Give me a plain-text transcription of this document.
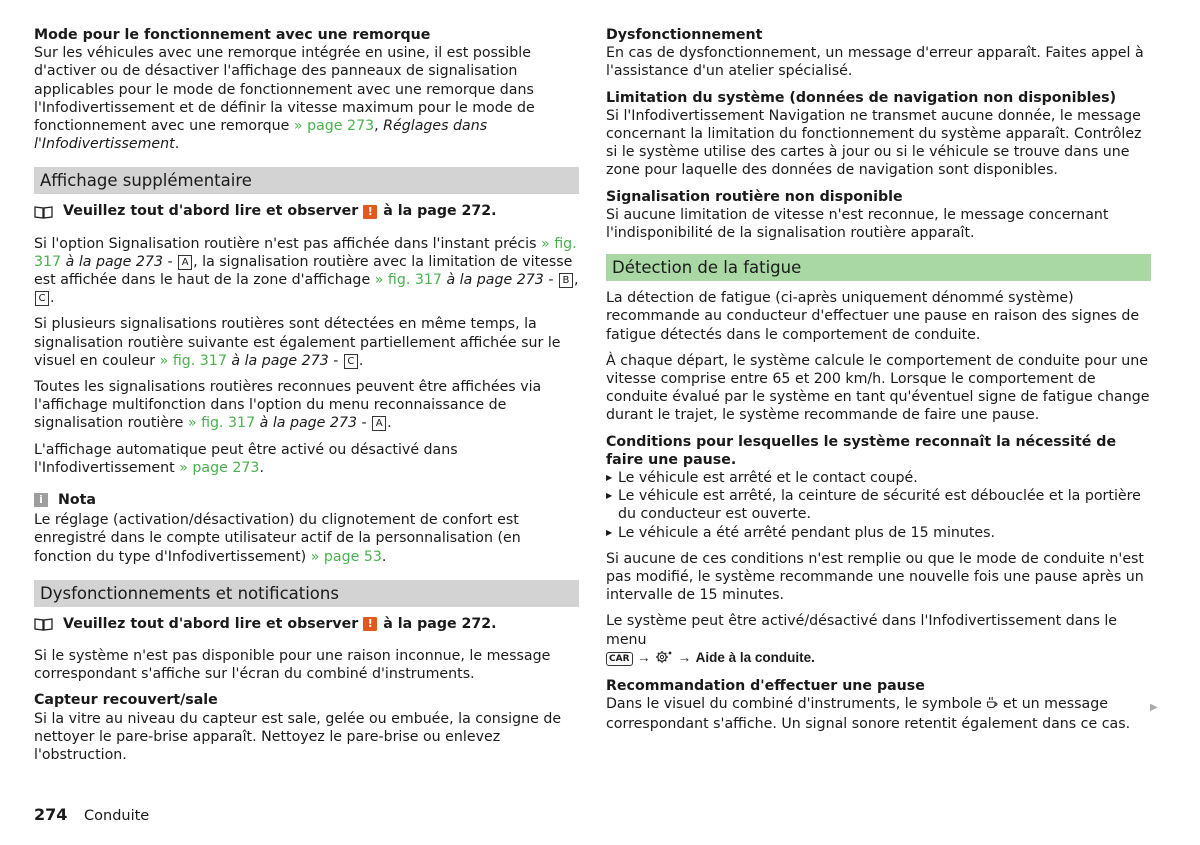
Mode pour le fonctionnement avec une remorque
Sur les véhicules avec une remorque intégrée en usine, il est possible d'activer ou de désactiver l'affichage des panneaux de signalisation applicables pour le mode de fonctionnement avec une remorque dans l'Infodivertissement et de définir la vitesse maximum pour le mode de fonctionnement avec une remorque » page 273, Réglages dans l'Infodivertissement.

Affichage supplémentaire
Veuillez tout d'abord lire et observer ! à la page 272.

Si l'option Signalisation routière n'est pas affichée dans l'instant précis » fig. 317 à la page 273 - A , la signalisation routière avec la limitation de vitesse est affichée dans le haut de la zone d'affichage » fig. 317 à la page 273 - B , C .

Si plusieurs signalisations routières sont détectées en même temps, la signalisation routière suivante est également partiellement affichée sur le visuel en couleur » fig. 317 à la page 273 - C .

Toutes les signalisations routières reconnues peuvent être affichées via l'affichage multifonction dans l'option du menu reconnaissance de signalisation routière » fig. 317 à la page 273 - A .

L'affichage automatique peut être activé ou désactivé dans l'Infodivertissement » page 273.

i	Nota

Le réglage (activation/désactivation) du clignotement de confort est enregistré dans le compte utilisateur actif de la personnalisation (en fonction du type d'Infodivertissement) » page 53.

Dysfonctionnements et notifications
Veuillez tout d'abord lire et observer ! à la page 272.

Si le système n'est pas disponible pour une raison inconnue, le message correspondant s'affiche sur l'écran du combiné d'instruments.

Capteur recouvert/sale
Si la vitre au niveau du capteur est sale, gelée ou embuée, la consigne de nettoyer le pare-brise apparaît. Nettoyez le pare-brise ou enlevez l'obstruction.

Dysfonctionnement
En cas de dysfonctionnement, un message d'erreur apparaît. Faites appel à l'assistance d'un atelier spécialisé.

Limitation du système (données de navigation non disponibles)
Si l'Infodivertissement Navigation ne transmet aucune donnée, le message concernant la limitation du fonctionnement du système apparaît. Contrôlez si le système utilise des cartes à jour ou si le véhicule se trouve dans une zone pour laquelle des données de navigation sont disponibles.

Signalisation routière non disponible
Si aucune limitation de vitesse n'est reconnue, le message concernant l'indisponibilité de la signalisation routière apparaît.

Détection de la fatigue

La détection de fatigue (ci-après uniquement dénommé système) recommande au conducteur d'effectuer une pause en raison des signes de fatigue détectés dans le comportement de conduite.

À chaque départ, le système calcule le comportement de conduite pour une vitesse comprise entre 65 et 200 km/h. Lorsque le comportement de conduite évalué par le système en tant qu'éventuel signe de fatigue change durant le trajet, le système recommande de faire une pause.

Conditions pour lesquelles le système reconnaît la nécessité de faire une pause.

▶ Le véhicule est arrêté et le contact coupé.
▶ Le véhicule est arrêté, la ceinture de sécurité est débouclée et la portière du conducteur est ouverte.
▶ Le véhicule a été arrêté pendant plus de 15 minutes.

Si aucune de ces conditions n'est remplie ou que le mode de conduite n'est pas modifié, le système recommande une nouvelle fois une pause après un intervalle de 15 minutes.

Le système peut être activé/désactivé dans l'Infodivertissement dans le menu
CAR → → Aide à la conduite.

Recommandation d'effectuer une pause
Dans le visuel du combiné d'instruments, le symbole et un message correspondant s'affiche. Un signal sonore retentit également dans ce cas.

▶
274 Conduite
